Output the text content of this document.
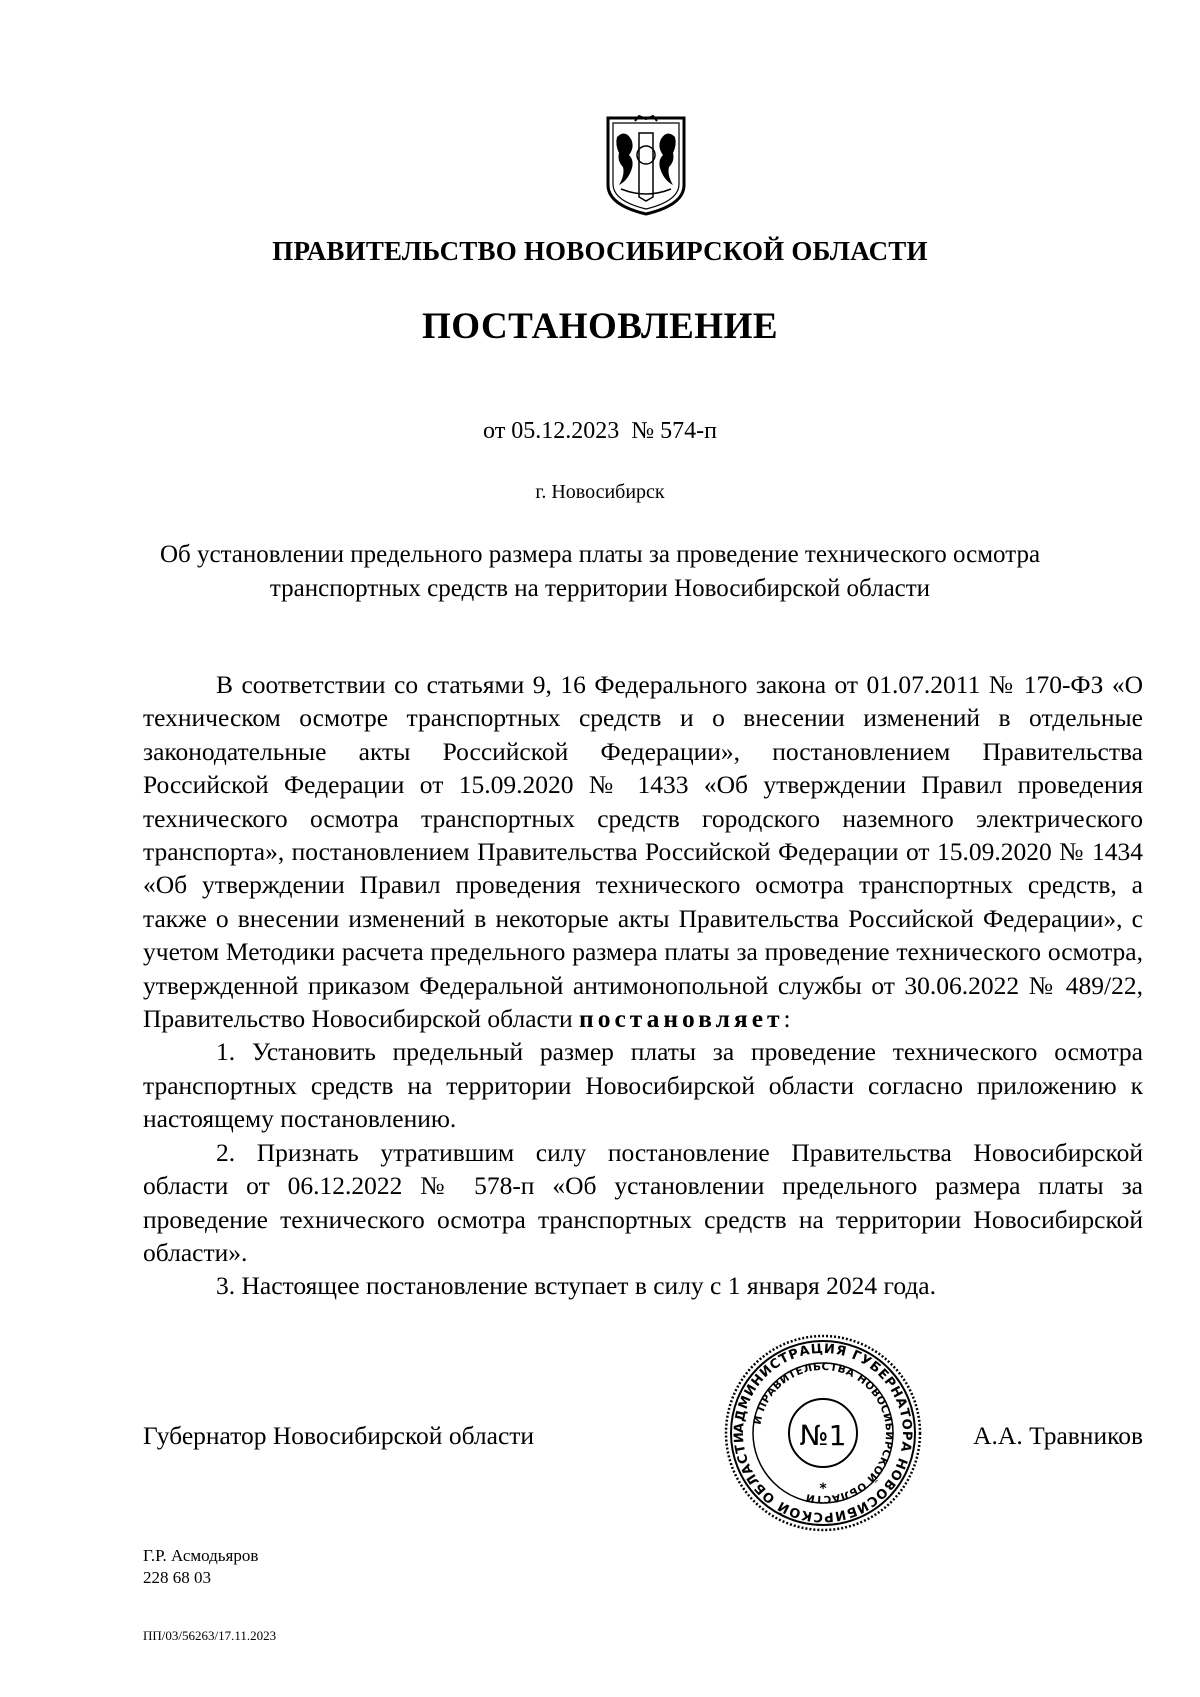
ПРАВИТЕЛЬСТВО НОВОСИБИРСКОЙ ОБЛАСТИ
ПОСТАНОВЛЕНИЕ
от 05.12.2023  № 574-п
г. Новосибирск
Об установлении предельного размера платы за проведение технического осмотра
транспортных средств на территории Новосибирской области

В соответствии со статьями 9, 16 Федерального закона от 01.07.2011 № 170-ФЗ «О техническом осмотре транспортных средств и о внесении изменений в отдельные законодательные акты Российской Федерации», постановлением Правительства Российской Федерации от 15.09.2020 № 1433 «Об утверждении Правил проведения технического осмотра транспортных средств городского наземного электрического транспорта», постановлением Правительства Российской Федерации от 15.09.2020 № 1434 «Об утверждении Правил проведения технического осмотра транспортных средств, а также о внесении изменений в некоторые акты Правительства Российской Федерации», с учетом Методики расчета предельного размера платы за проведение технического осмотра, утвержденной приказом Федеральной антимонопольной службы от 30.06.2022 № 489/22, Правительство Новосибирской области постановляет:

1. Установить предельный размер платы за проведение технического осмотра транспортных средств на территории Новосибирской области согласно приложению к настоящему постановлению.

2. Признать утратившим силу постановление Правительства Новосибирской области от 06.12.2022 № 578-п «Об установлении предельного размера платы за проведение технического осмотра транспортных средств на территории Новосибирской области».

3. Настоящее постановление вступает в силу с 1 января 2024 года.

Губернатор Новосибирской области	А.А. Травников
АДМИНИСТРАЦИЯ ГУБЕРНАТОРА НОВОСИБИРСКОЙ ОБЛАСТИ
И ПРАВИТЕЛЬСТВА НОВОСИБИРСКОЙ ОБЛАСТИ
№1
*
Г.Р. Асмодьяров
228 68 03
ПП/03/56263/17.11.2023
